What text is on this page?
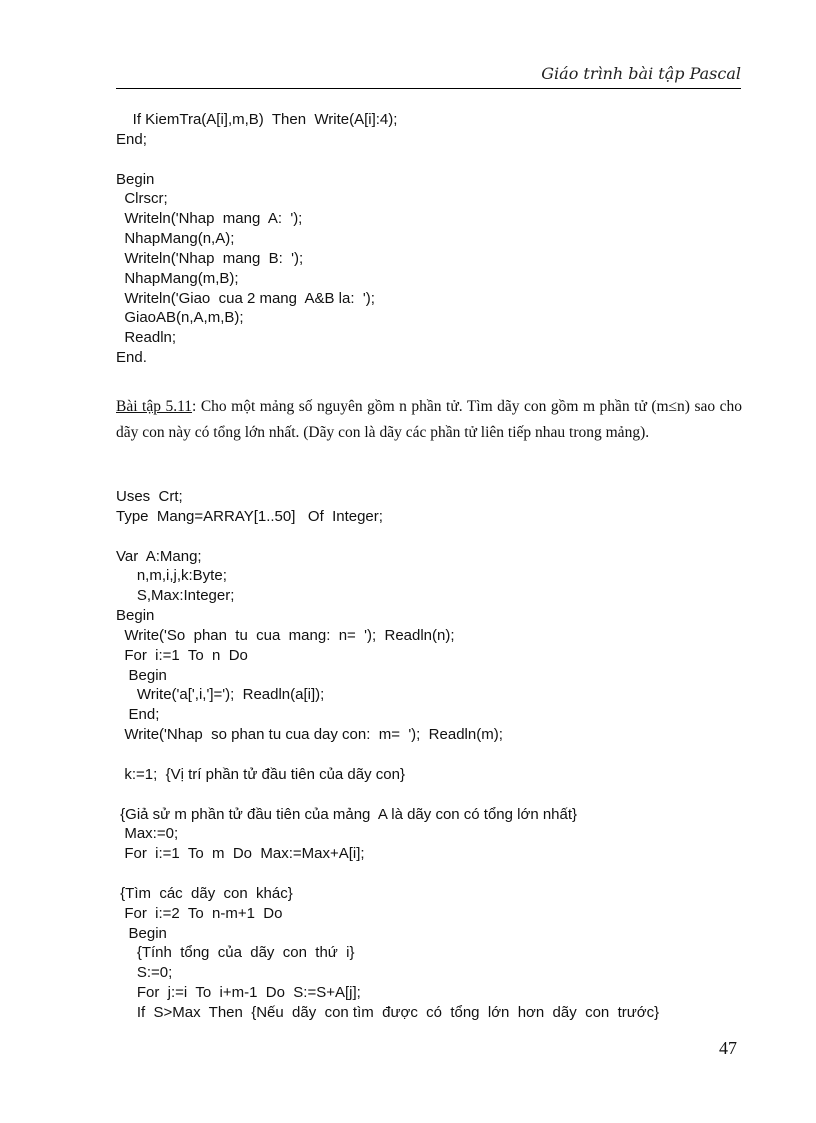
Giáo trình bài tập Pascal
If KiemTra(A[i],m,B)  Then  Write(A[i]:4);
End;

Begin
Clrscr;
Writeln('Nhap  mang  A:  ');
NhapMang(n,A);
Writeln('Nhap  mang  B:  ');
NhapMang(m,B);
Writeln('Giao  cua 2 mang  A&B la:  ');
GiaoAB(n,A,m,B);
Readln;
End.

Bài tập 5.11: Cho một mảng số nguyên gồm n phần tử. Tìm dãy con gồm m phần tử (m≤n) sao cho dãy con này có tổng lớn nhất. (Dãy con là dãy các phần tử liên tiếp nhau trong mảng).

Uses  Crt;
Type  Mang=ARRAY[1..50]   Of  Integer;

Var  A:Mang;
n,m,i,j,k:Byte;
S,Max:Integer;
Begin
Write('So  phan  tu  cua  mang:  n=  ');  Readln(n);
For  i:=1  To  n  Do
Begin
Write('a[',i,']=');  Readln(a[i]);
End;
Write('Nhap  so phan tu cua day con:  m=  ');  Readln(m);

k:=1;  {Vị trí phần tử đầu tiên của dãy con}

{Giả sử m phần tử đầu tiên của mảng  A là dãy con có tổng lớn nhất}
Max:=0;
For  i:=1  To  m  Do  Max:=Max+A[i];

{Tìm  các  dãy  con  khác}
For  i:=2  To  n-m+1  Do
Begin
{Tính  tổng  của  dãy  con  thứ  i}
S:=0;
For  j:=i  To  i+m-1  Do  S:=S+A[j];
If  S>Max  Then  {Nếu  dãy  con tìm  được  có  tổng  lớn  hơn  dãy  con  trước}
47
